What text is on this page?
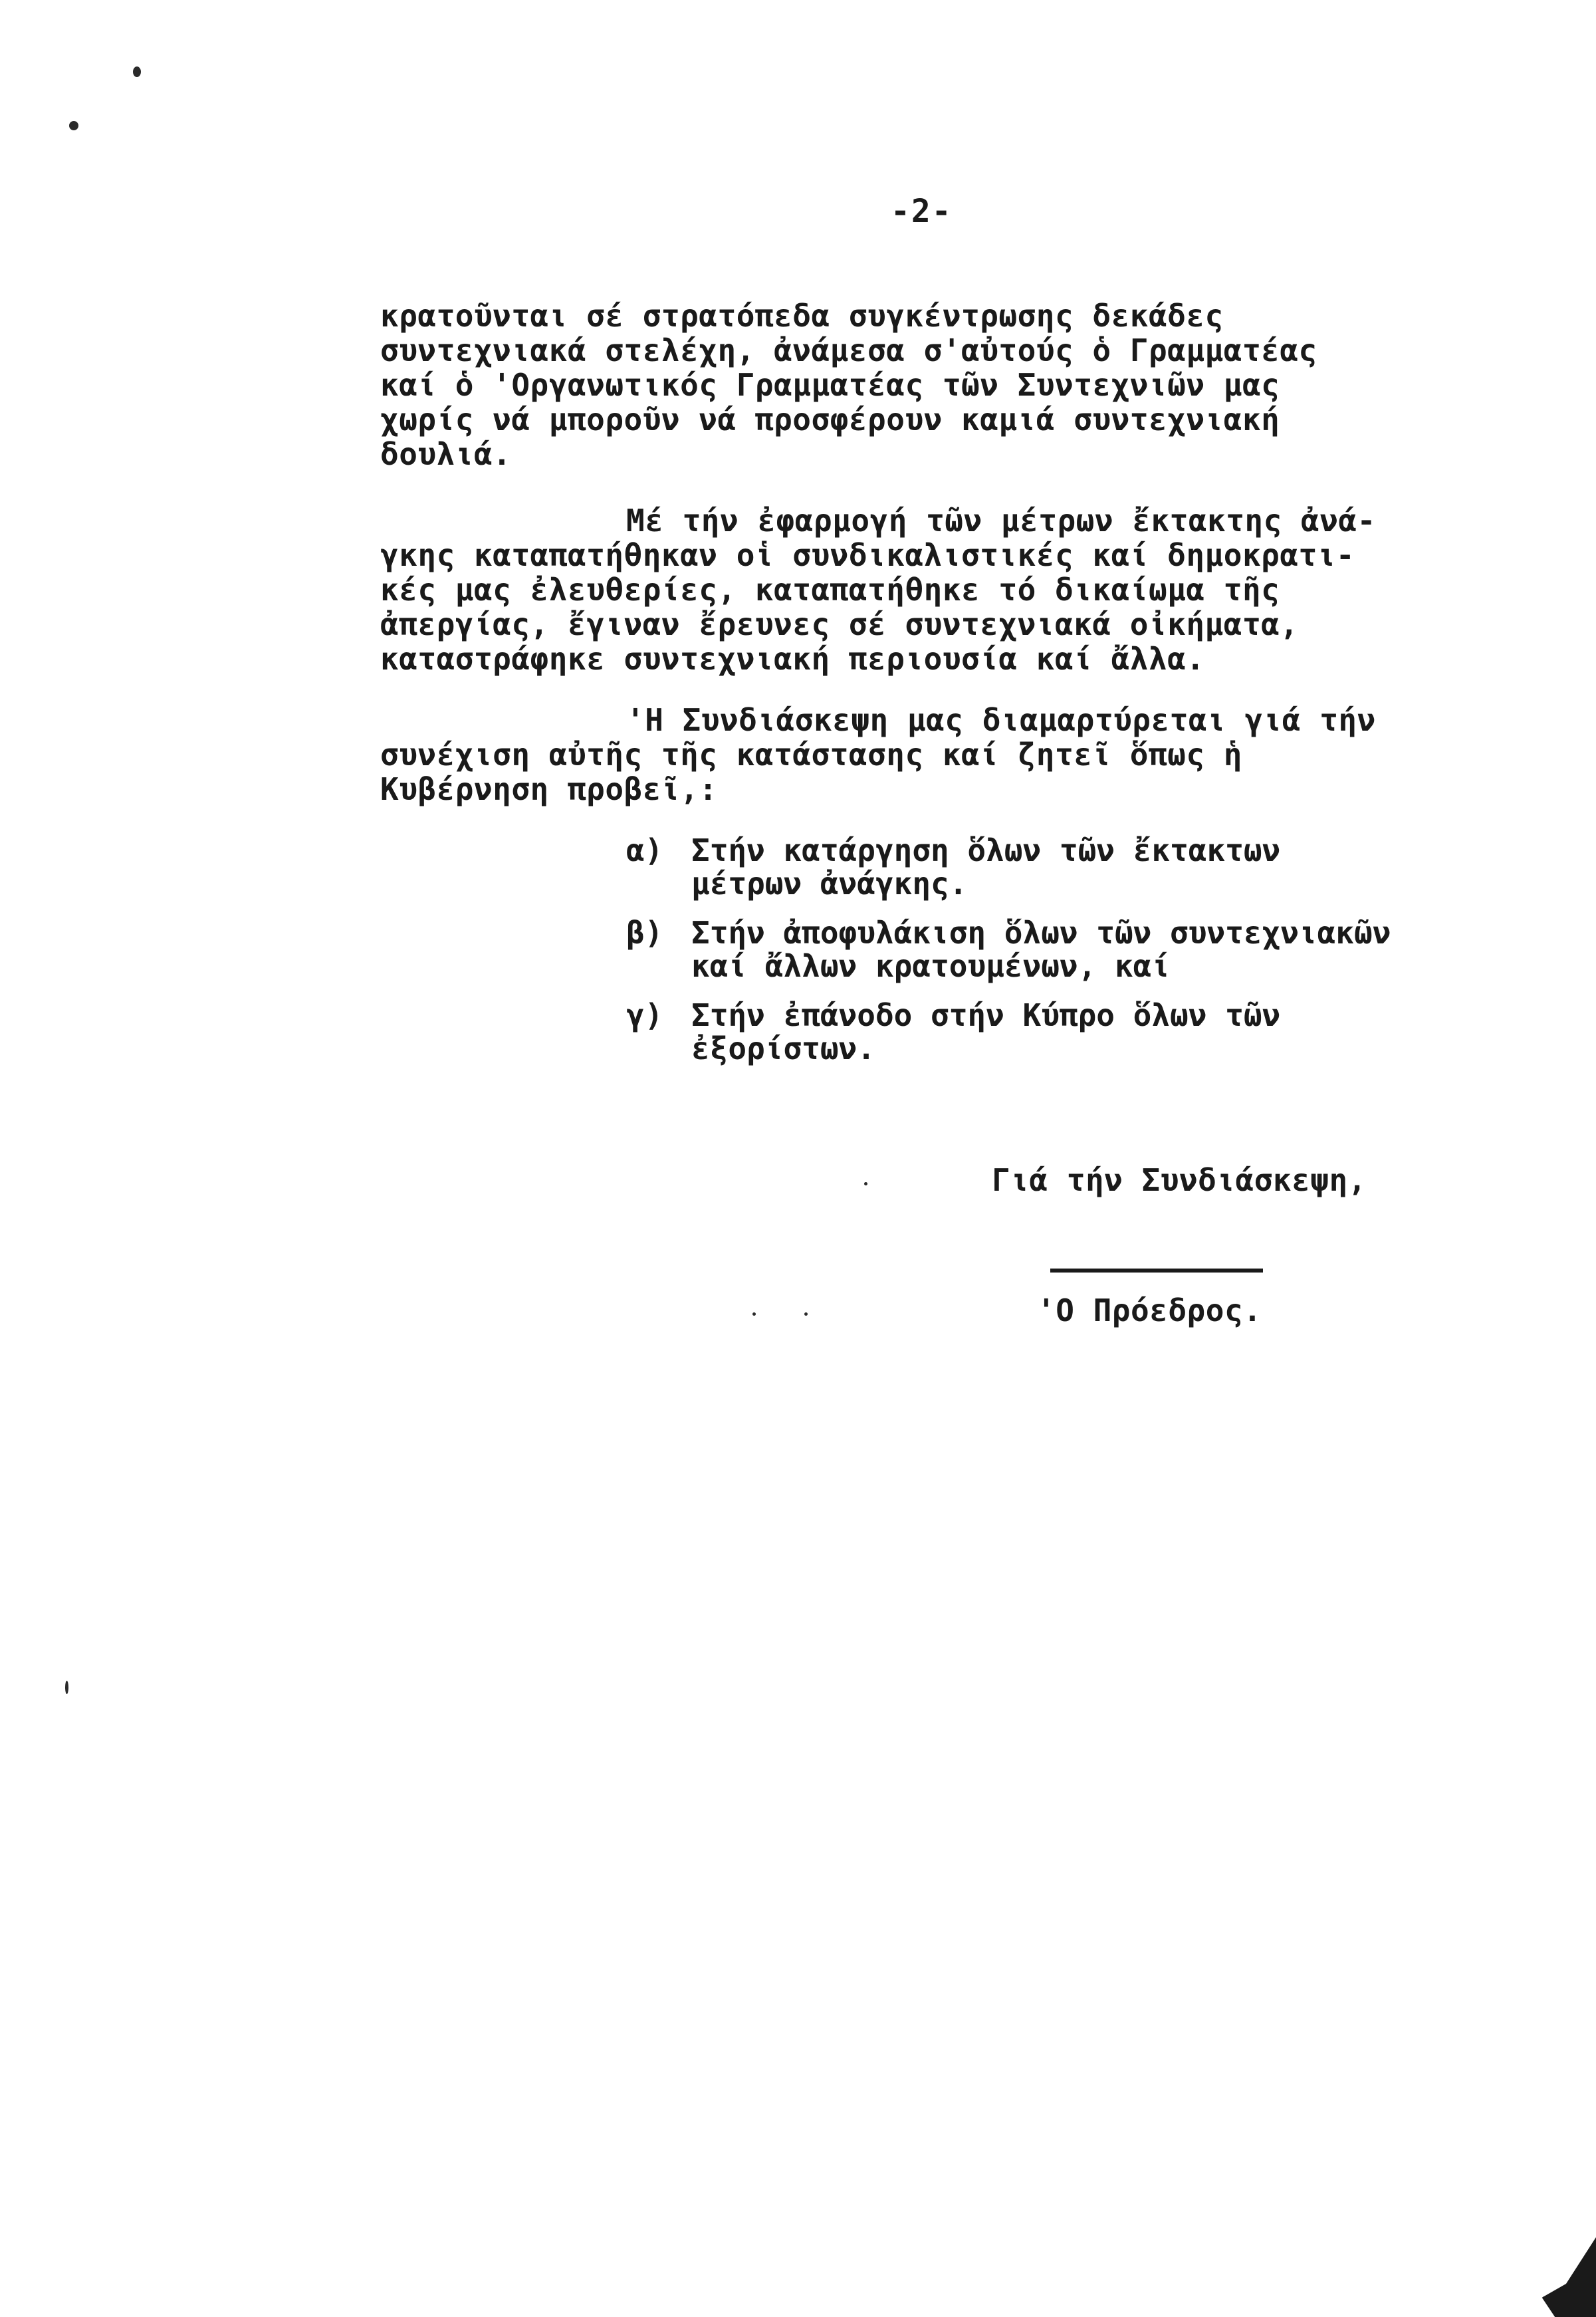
-2-
κρατοῦνται σέ στρατόπεδα συγκέντρωσης δεκάδες
συντεχνιακά στελέχη, ἀνάμεσα σ'αὐτούς ὁ Γραμματέας
καί ὁ 'Οργανωτικός Γραμματέας τῶν Συντεχνιῶν μας
χωρίς νά μποροῦν νά προσφέρουν καμιά συντεχνιακή
δουλιά.
Μέ τήν ἐφαρμογή τῶν μέτρων ἔκτακτης ἀνά-
γκης καταπατήθηκαν οἱ συνδικαλιστικές καί δημοκρατι-
κές μας ἐλευθερίες, καταπατήθηκε τό δικαίωμα τῆς
ἀπεργίας, ἔγιναν ἔρευνες σέ συντεχνιακά οἰκήματα,
καταστράφηκε συντεχνιακή περιουσία καί ἄλλα.
'Η Συνδιάσκεψη μας διαμαρτύρεται γιά τήν
συνέχιση αὐτῆς τῆς κατάστασης καί ζητεῖ ὅπως ἡ
Κυβέρνηση προβεῖ,:
α) Στήν κατάργηση ὅλων τῶν ἔκτακτων
μέτρων ἀνάγκης.
β) Στήν ἀποφυλάκιση ὅλων τῶν συντεχνιακῶν
καί ἄλλων κρατουμένων, καί
γ) Στήν ἐπάνοδο στήν Κύπρο ὅλων τῶν
ἐξορίστων.
Γιά τήν Συνδιάσκεψη,
'Ο Πρόεδρος.
